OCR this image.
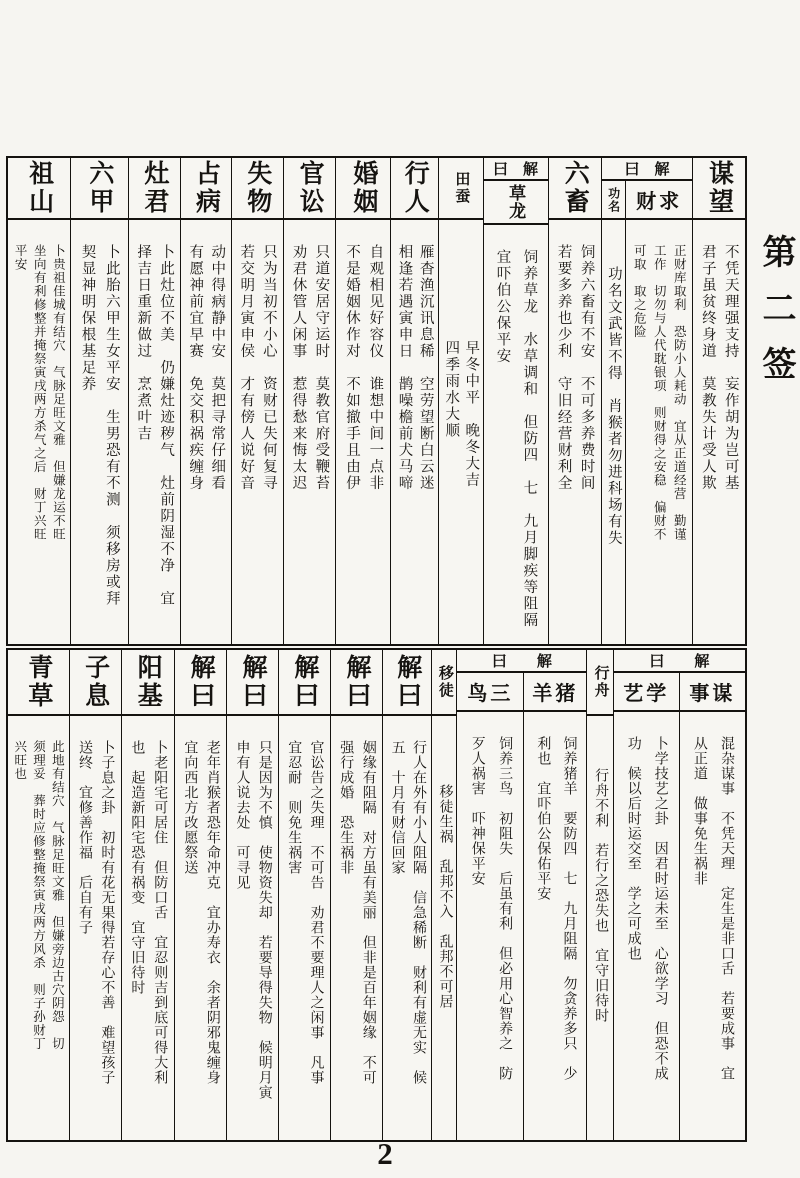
第二签
谋望
不凭天理强支持　妄作胡为岂可基
君子虽贫终身道　莫教失计受人欺
曰　解
财求
正财库取利　恐防小人耗动　宜从正道经营　勤谨
工作　切勿与人代耽银项　则财得之安稳　偏财不
可取　取之危险
功名
功名文武皆不得　肖猴者勿进科场有失
六畜
饲养六畜有不安　不可多养费时间
若要多养也少利　守旧经营财利全
曰　解
草龙
饲养草龙　水草调和　但防四　七　九月脚疾等阻隔
宜吓伯公保平安
田蚕
早冬中平　晚冬大吉
四季雨水大顺
行人
雁杳渔沉讯息稀　空劳望断白云迷
相逢若遇寅申日　鹊噪檐前犬马啼
婚姻
自观相见好容仪　谁想中间一点非
不是婚姻休作对　不如撤手且由伊
官讼
只道安居守运时　莫教官府受鞭苔
劝君休管人闲事　惹得愁来悔太迟
失物
只为当初不小心　资财已失何复寻
若交明月寅申侯　才有傍人说好音
占病
动中得病静中安　莫把寻常仔细看
有愿神前宜早赛　免交积祸疾缠身
灶君
卜此灶位不美　仍嫌灶迹秽气　灶前阴湿不净　宜
择吉日重新做过　烹煮叶吉
六甲
卜此胎六甲生女平安　生男恐有不测　须移房或拜
契显神明保根基足养
祖山
卜贵祖佳城有结穴　气脉足旺文雅　但嫌龙运不旺
坐向有利修整并掩祭寅戌两方杀气之后　财丁兴旺
平安
曰　　解
事谋
混杂谋事　不凭天理　定生是非口舌　若要成事　宜
从正道　做事免生祸非
艺学
卜学技艺之卦　因君时运未至　心欲学习　但恐不成
功　候以后时运交至　学之可成也
行舟
行舟不利　若行之恐失也　宜守旧待时
曰　　解
羊猪
饲养猪羊　要防四　七　九月阻隔　勿贪养多只　少
利也　宜吓伯公保佑平安
鸟三
饲养三鸟　初阻失　后虽有利　但必用心智养之　防
歹人祸害　吓神保平安
移徒
移徒生祸　乱邦不入　乱邦不可居
解曰
行人在外有小人阻隔　信急稀断　财利有虚无实　候
五　十月有财信回家
解曰
姻缘有阻隔　对方虽有美丽　但非是百年姻缘　不可
强行成婚　恐生祸非
解曰
官讼告之失理　不可告　劝君不要理人之闲事　凡事
宜忍耐　则免生祸害
解曰
只是因为不慎　使物资失却　若要导得失物　候明月寅
申有人说去处　可寻见
解曰
老年肖猴者恐年命冲克　宜办寿衣　余者阴邪鬼缠身
宜向西北方改愿祭送
阳基
卜老阳宅可居住　但防口舌　宜忍则吉到底可得大利
也　起造新阳宅恐有祸变　宜守旧待时
子息
卜子息之卦　初时有花无果得若存心不善　难望孩子
送终　宜修善作福　后自有子
青草
此地有结穴　气脉足旺文雅　但嫌旁边古穴阴怨　切
须理妥　葬时应修整掩祭寅戌两方风杀　则子孙财丁
兴旺也
2
